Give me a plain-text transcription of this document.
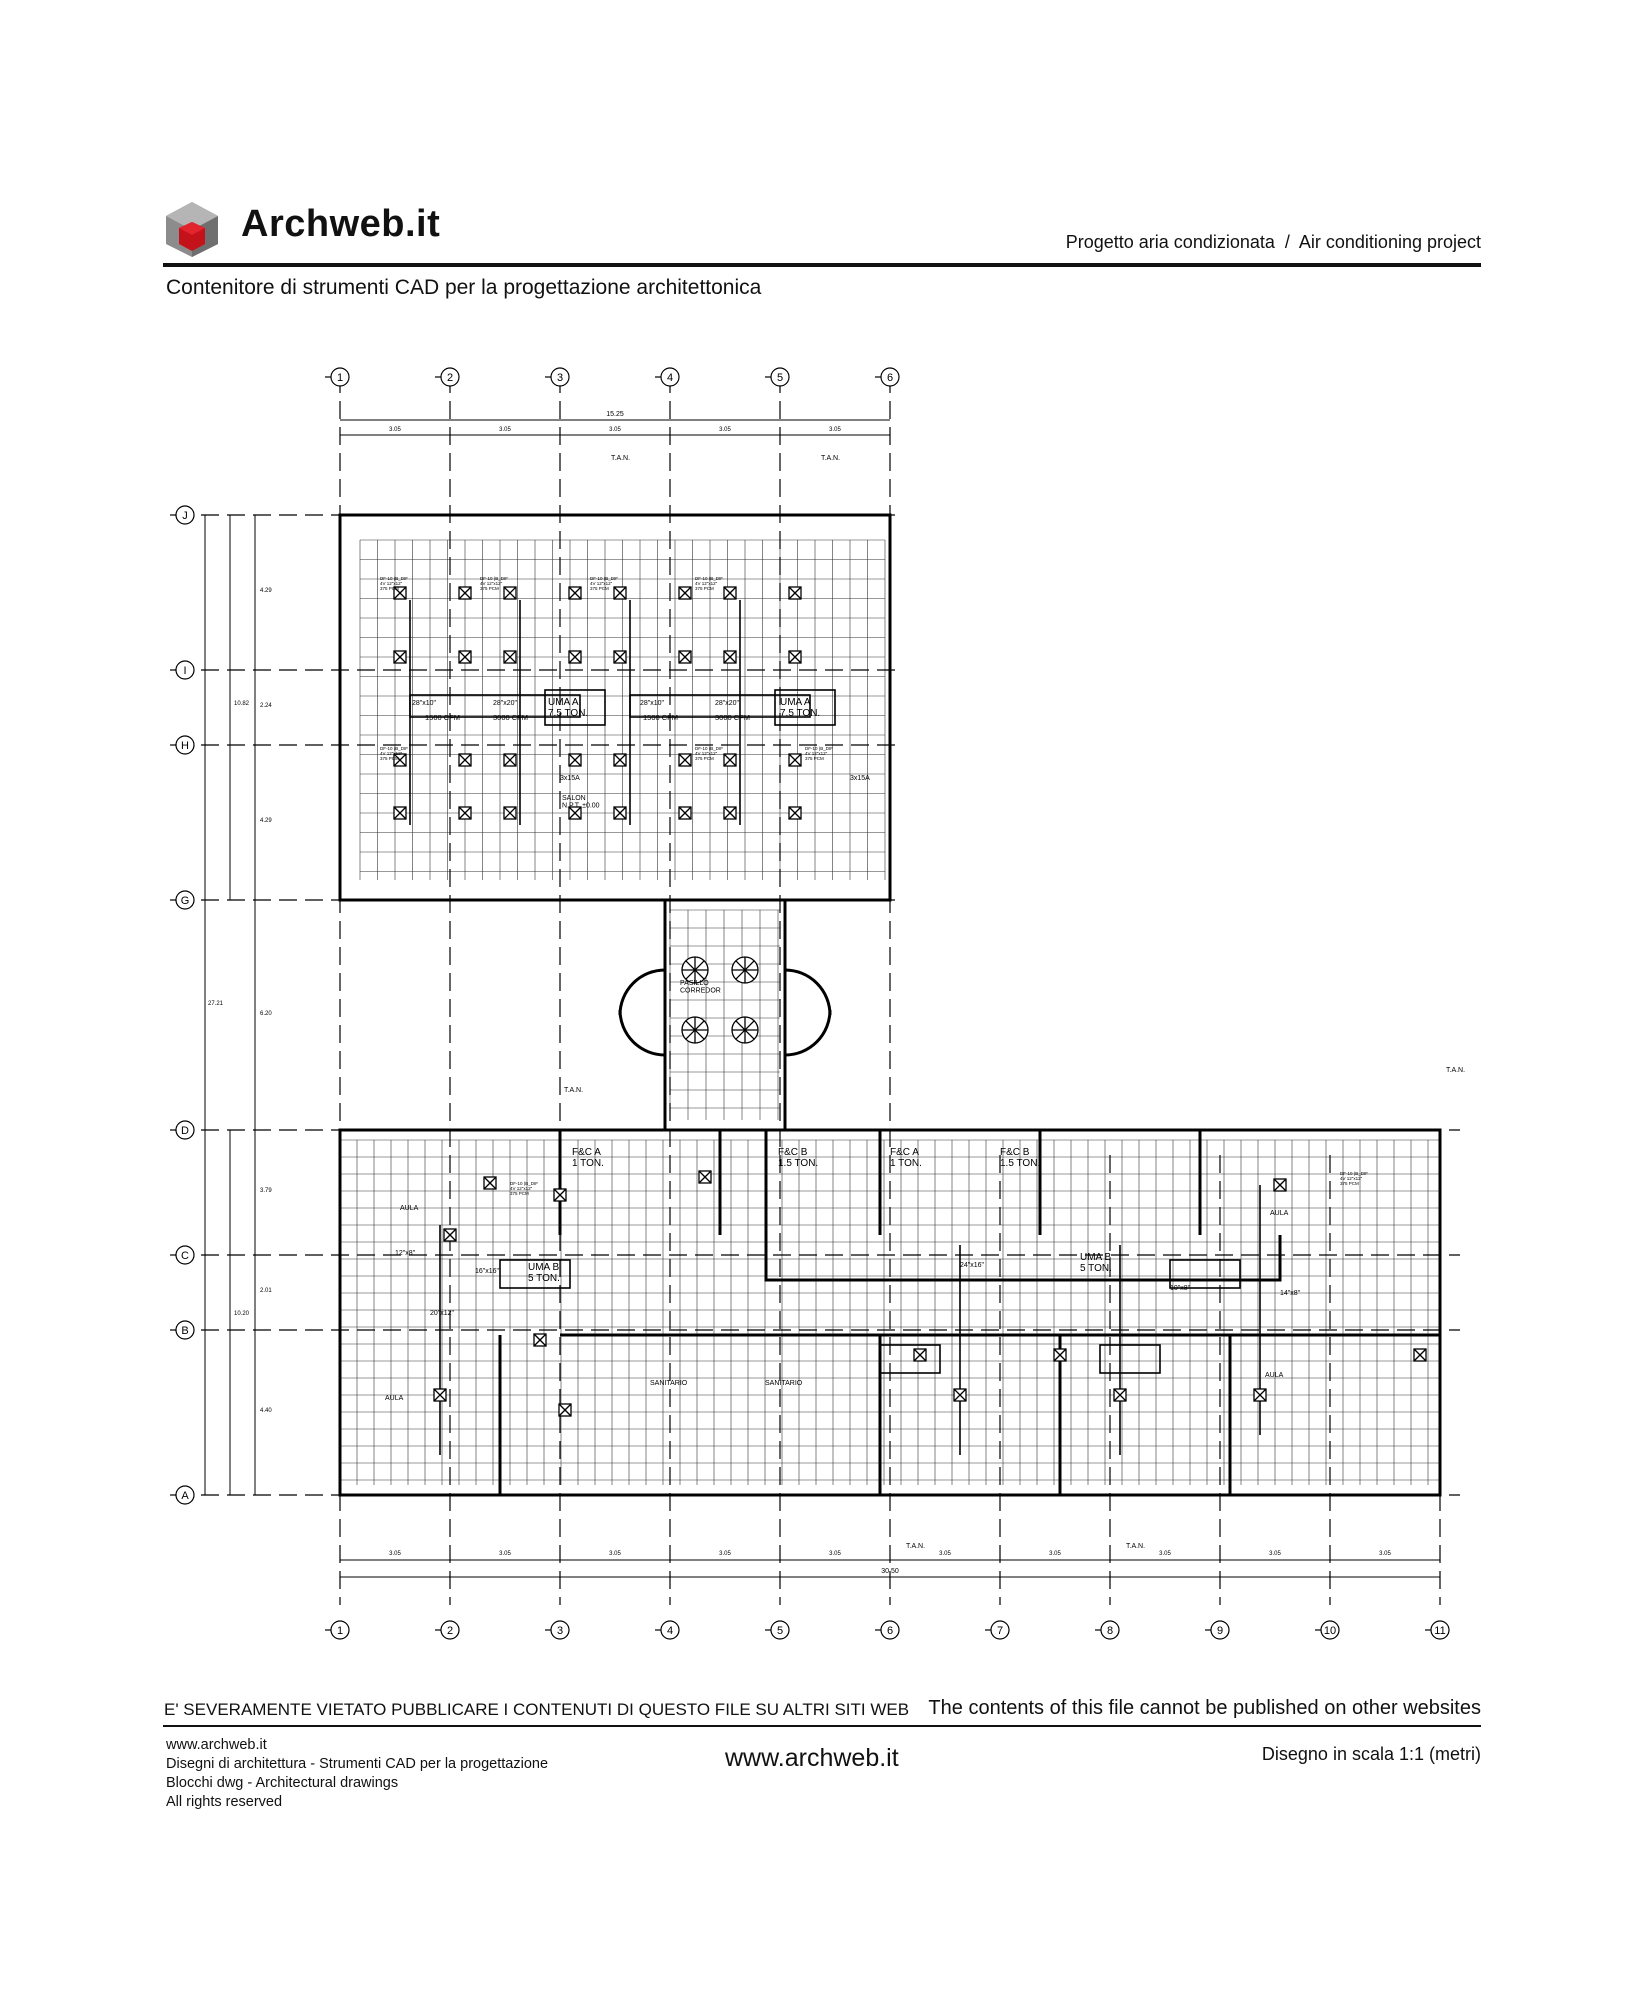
Archweb.it	Progetto aria condizionata  /  Air conditioning project
Contenitore di strumenti CAD per la progettazione architettonica
1	2	3	4	5	6
1	2	3	4	5	6	7	8	9	10	11
J
I
H
G
D
C
B
A
15.25
3.05	3.05	3.05	3.05	3.05
3.05	3.05	3.05	3.05	3.05	3.05	3.05	3.05	3.05	3.05
30.50
4.29
2.24
4.29
6.20
3.79
2.01
4.40
10.82
27.21
10.20
T.A.N.	T.A.N.
T.A.N.
T.A.N.
T.A.N.	T.A.N.
UMA A
7.5 TON.
UMA A
7.5 TON.
UMA B
5 TON.
UMA B
5 TON.
F&C A
1 TON.
F&C B
1.5 TON.
F&C A
1 TON.
F&C B
1.5 TON.
SALON
N.P.T. ±0.00
AULA
AULA
AULA
AULA
PASILLO
CORREDOR
SANITARIO	SANITARIO
1500 CFM	3000 CFM	1500 CFM	3000 CFM
28"x10"	28"x20"	28"x10"	28"x20"
24"x16"
20"x12"
16"x16"
14"x8"
12"x8"
10"x8"
3x15A	3x15A
DF-10 (B_DIF
4V 12"x12"
375 PCM
DF-10 (B_DIF
4V 12"x12"
375 PCM
DF-10 (B_DIF
4V 12"x12"
375 PCM
DF-10 (B_DIF
4V 12"x12"
375 PCM
DF-10 (B_DIF
4V 12"x12"
375 PCM
DF-10 (B_DIF
4V 12"x12"
375 PCM
DF-10 (B_DIF
4V 12"x12"
375 PCM
DF-10 (B_DIF
4V 12"x12"
375 PCM
DF-10 (B_DIF
4V 12"x12"
375 PCM
E' SEVERAMENTE VIETATO PUBBLICARE I CONTENUTI DI QUESTO FILE SU ALTRI SITI WEB The contents of this file cannot be published on other websites
www.archweb.it
Disegni di architettura - Strumenti CAD per la progettazione
Blocchi dwg - Architectural drawings
All rights reserved
www.archweb.it	Disegno in scala 1:1 (metri)
